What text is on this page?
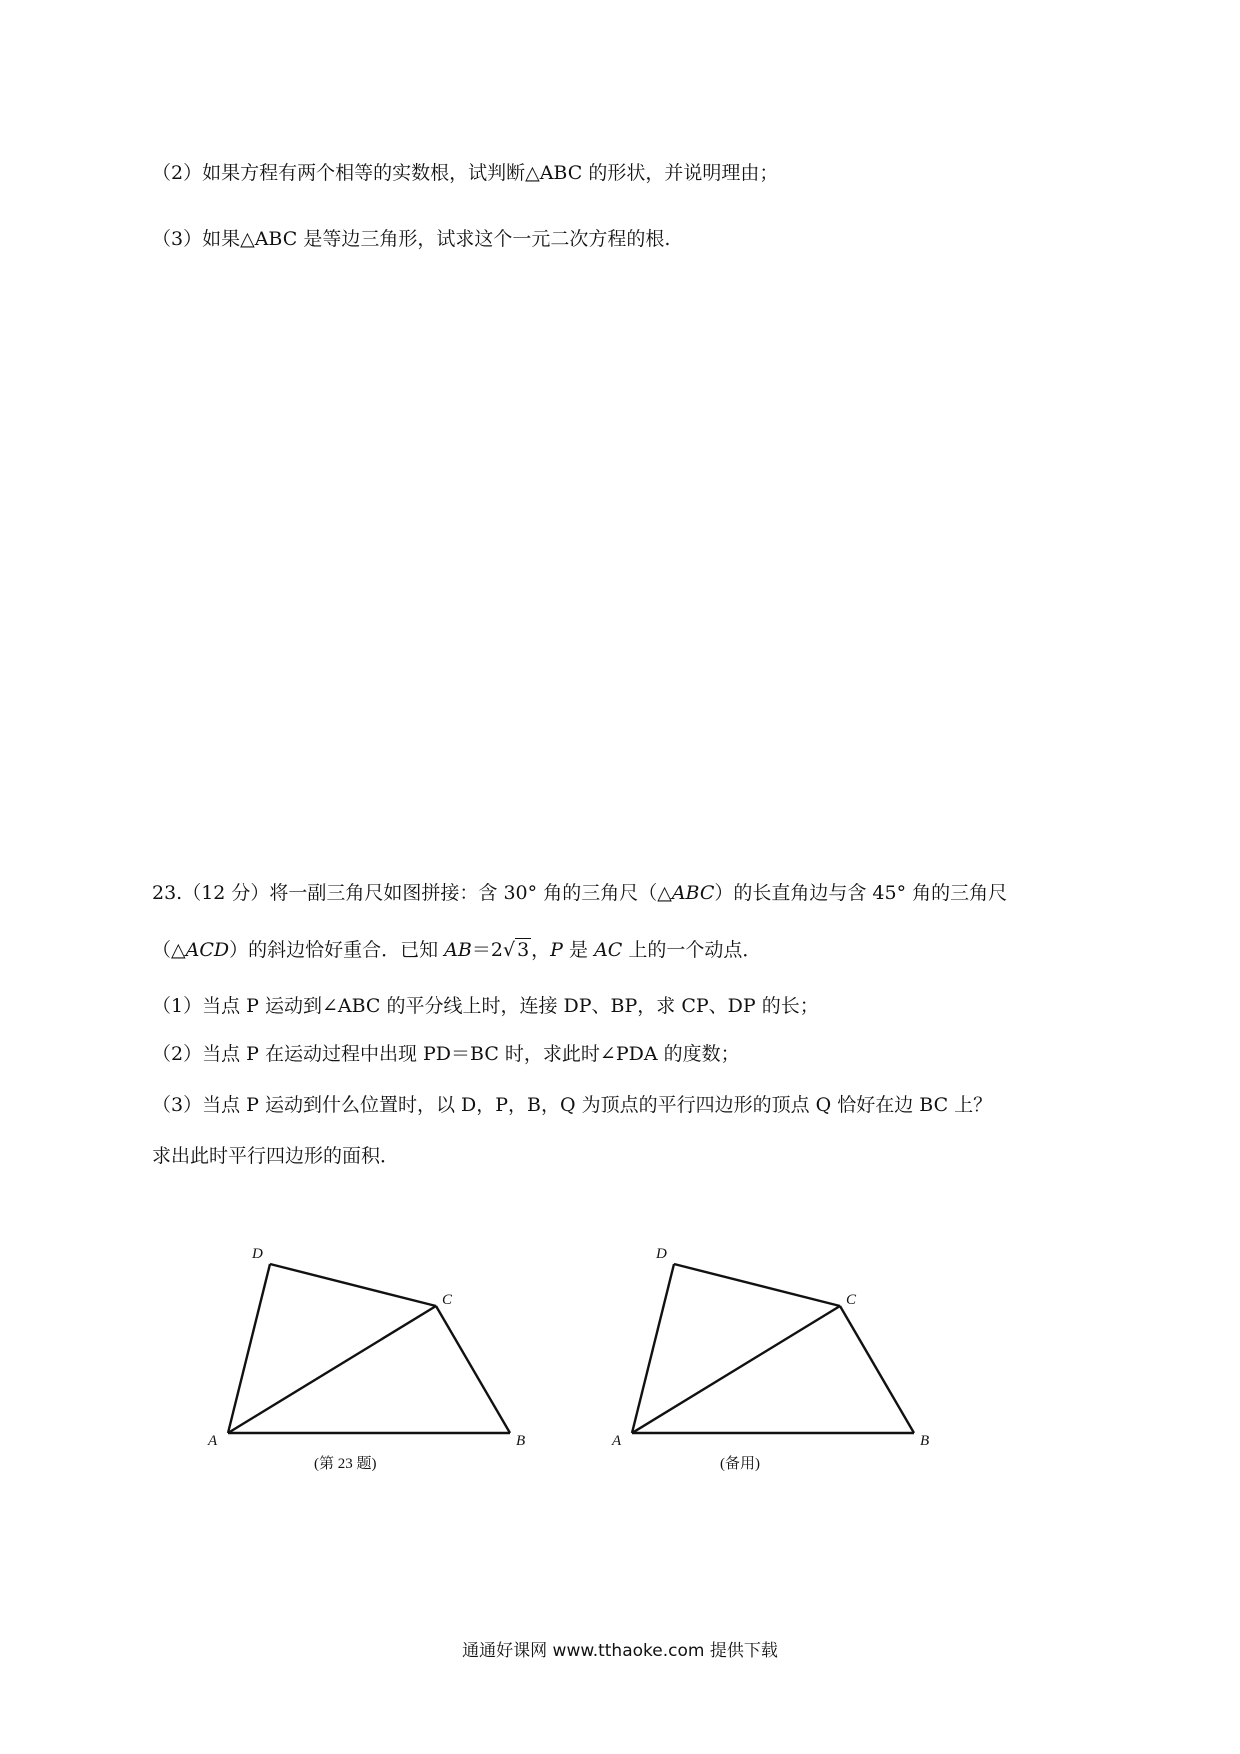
（2）如果方程有两个相等的实数根，试判断△ABC 的形状，并说明理由；
（3）如果△ABC 是等边三角形，试求这个一元二次方程的根.
23.（12 分）将一副三角尺如图拼接：含 30° 角的三角尺（△ABC）的长直角边与含 45° 角的三角尺
（△ACD）的斜边恰好重合．已知 AB＝2√ 3 ，P 是 AC 上的一个动点．
（1）当点 P 运动到∠ABC 的平分线上时，连接 DP、BP，求 CP、DP 的长；
（2）当点 P 在运动过程中出现 PD＝BC 时，求此时∠PDA 的度数；
（3）当点 P 运动到什么位置时，以 D，P，B，Q 为顶点的平行四边形的顶点 Q 恰好在边 BC 上？
求出此时平行四边形的面积．
D
C
A	B
(第 23 题)
D
C
A	B
(备用)
通通好课网 www.tthaoke.com 提供下载
